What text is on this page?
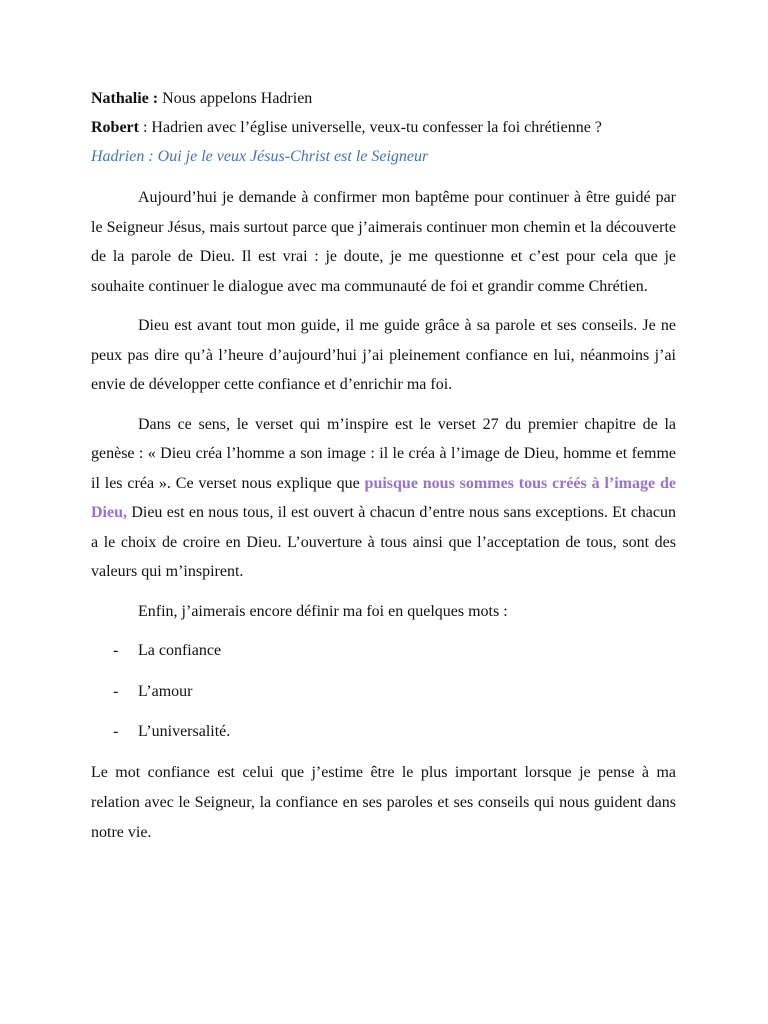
Nathalie : Nous appelons Hadrien

Robert : Hadrien avec l’église universelle, veux-tu confesser la foi chrétienne ?

Hadrien : Oui je le veux Jésus-Christ est le Seigneur

Aujourd’hui je demande à confirmer mon baptême pour continuer à être guidé par le Seigneur Jésus, mais surtout parce que j’aimerais continuer mon chemin et la découverte de la parole de Dieu. Il est vrai : je doute, je me questionne et c’est pour cela que je souhaite continuer le dialogue avec ma communauté de foi et grandir comme Chrétien.

Dieu est avant tout mon guide, il me guide grâce à sa parole et ses conseils. Je ne peux pas dire qu’à l’heure d’aujourd’hui j’ai pleinement confiance en lui, néanmoins j’ai envie de développer cette confiance et d’enrichir ma foi.

Dans ce sens, le verset qui m’inspire est le verset 27 du premier chapitre de la genèse : « Dieu créa l’homme a son image : il le créa à l’image de Dieu, homme et femme il les créa ». Ce verset nous explique que puisque nous sommes tous créés à l’image de Dieu, Dieu est en nous tous, il est ouvert à chacun d’entre nous sans exceptions. Et chacun a le choix de croire en Dieu. L’ouverture à tous ainsi que l’acceptation de tous, sont des valeurs qui m’inspirent.

Enfin, j’aimerais encore définir ma foi en quelques mots :

- La confiance
- L’amour
- L’universalité.

Le mot confiance est celui que j’estime être le plus important lorsque je pense à ma relation avec le Seigneur, la confiance en ses paroles et ses conseils qui nous guident dans notre vie.
